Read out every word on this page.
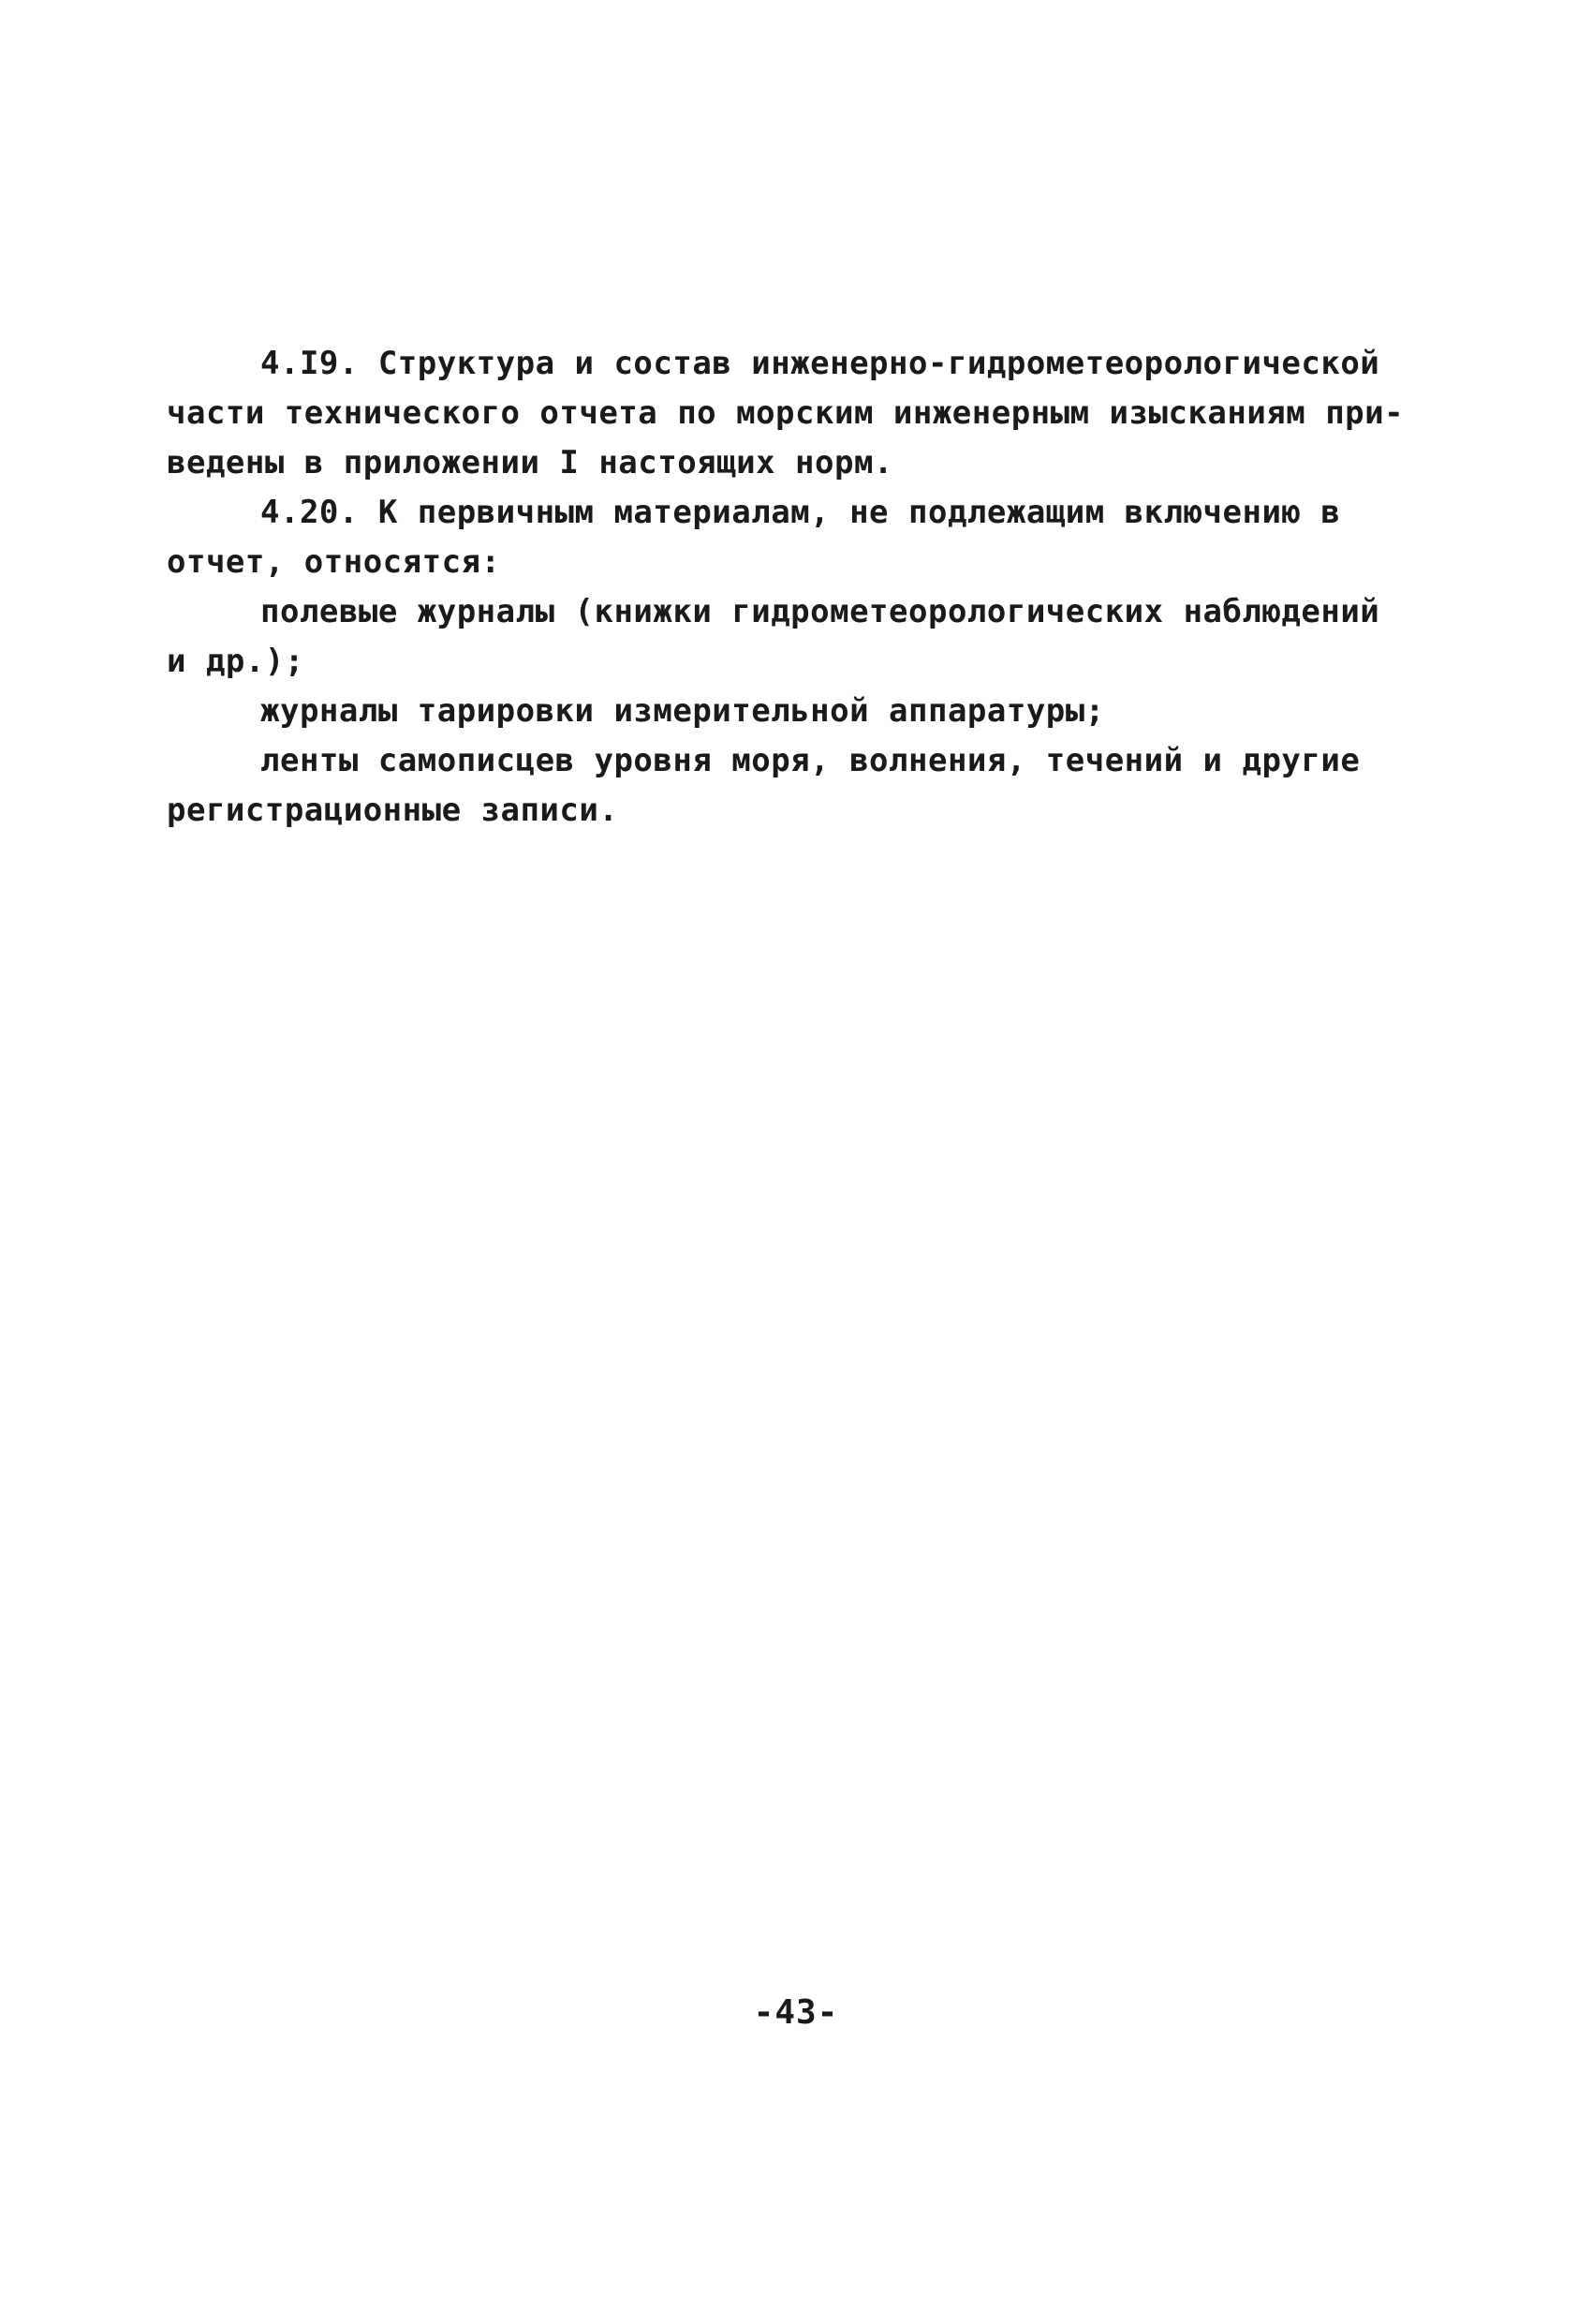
4.I9. Структура и состав инженерно-гидрометеорологической
части технического отчета по морским инженерным изысканиям при-
ведены в приложении I настоящих норм.
4.20. К первичным материалам, не подлежащим включению в
отчет, относятся:
полевые журналы (книжки гидрометеорологических наблюдений
и др.);
журналы тарировки измерительной аппаратуры;
ленты самописцев уровня моря, волнения, течений и другие
регистрационные записи.
-43-
